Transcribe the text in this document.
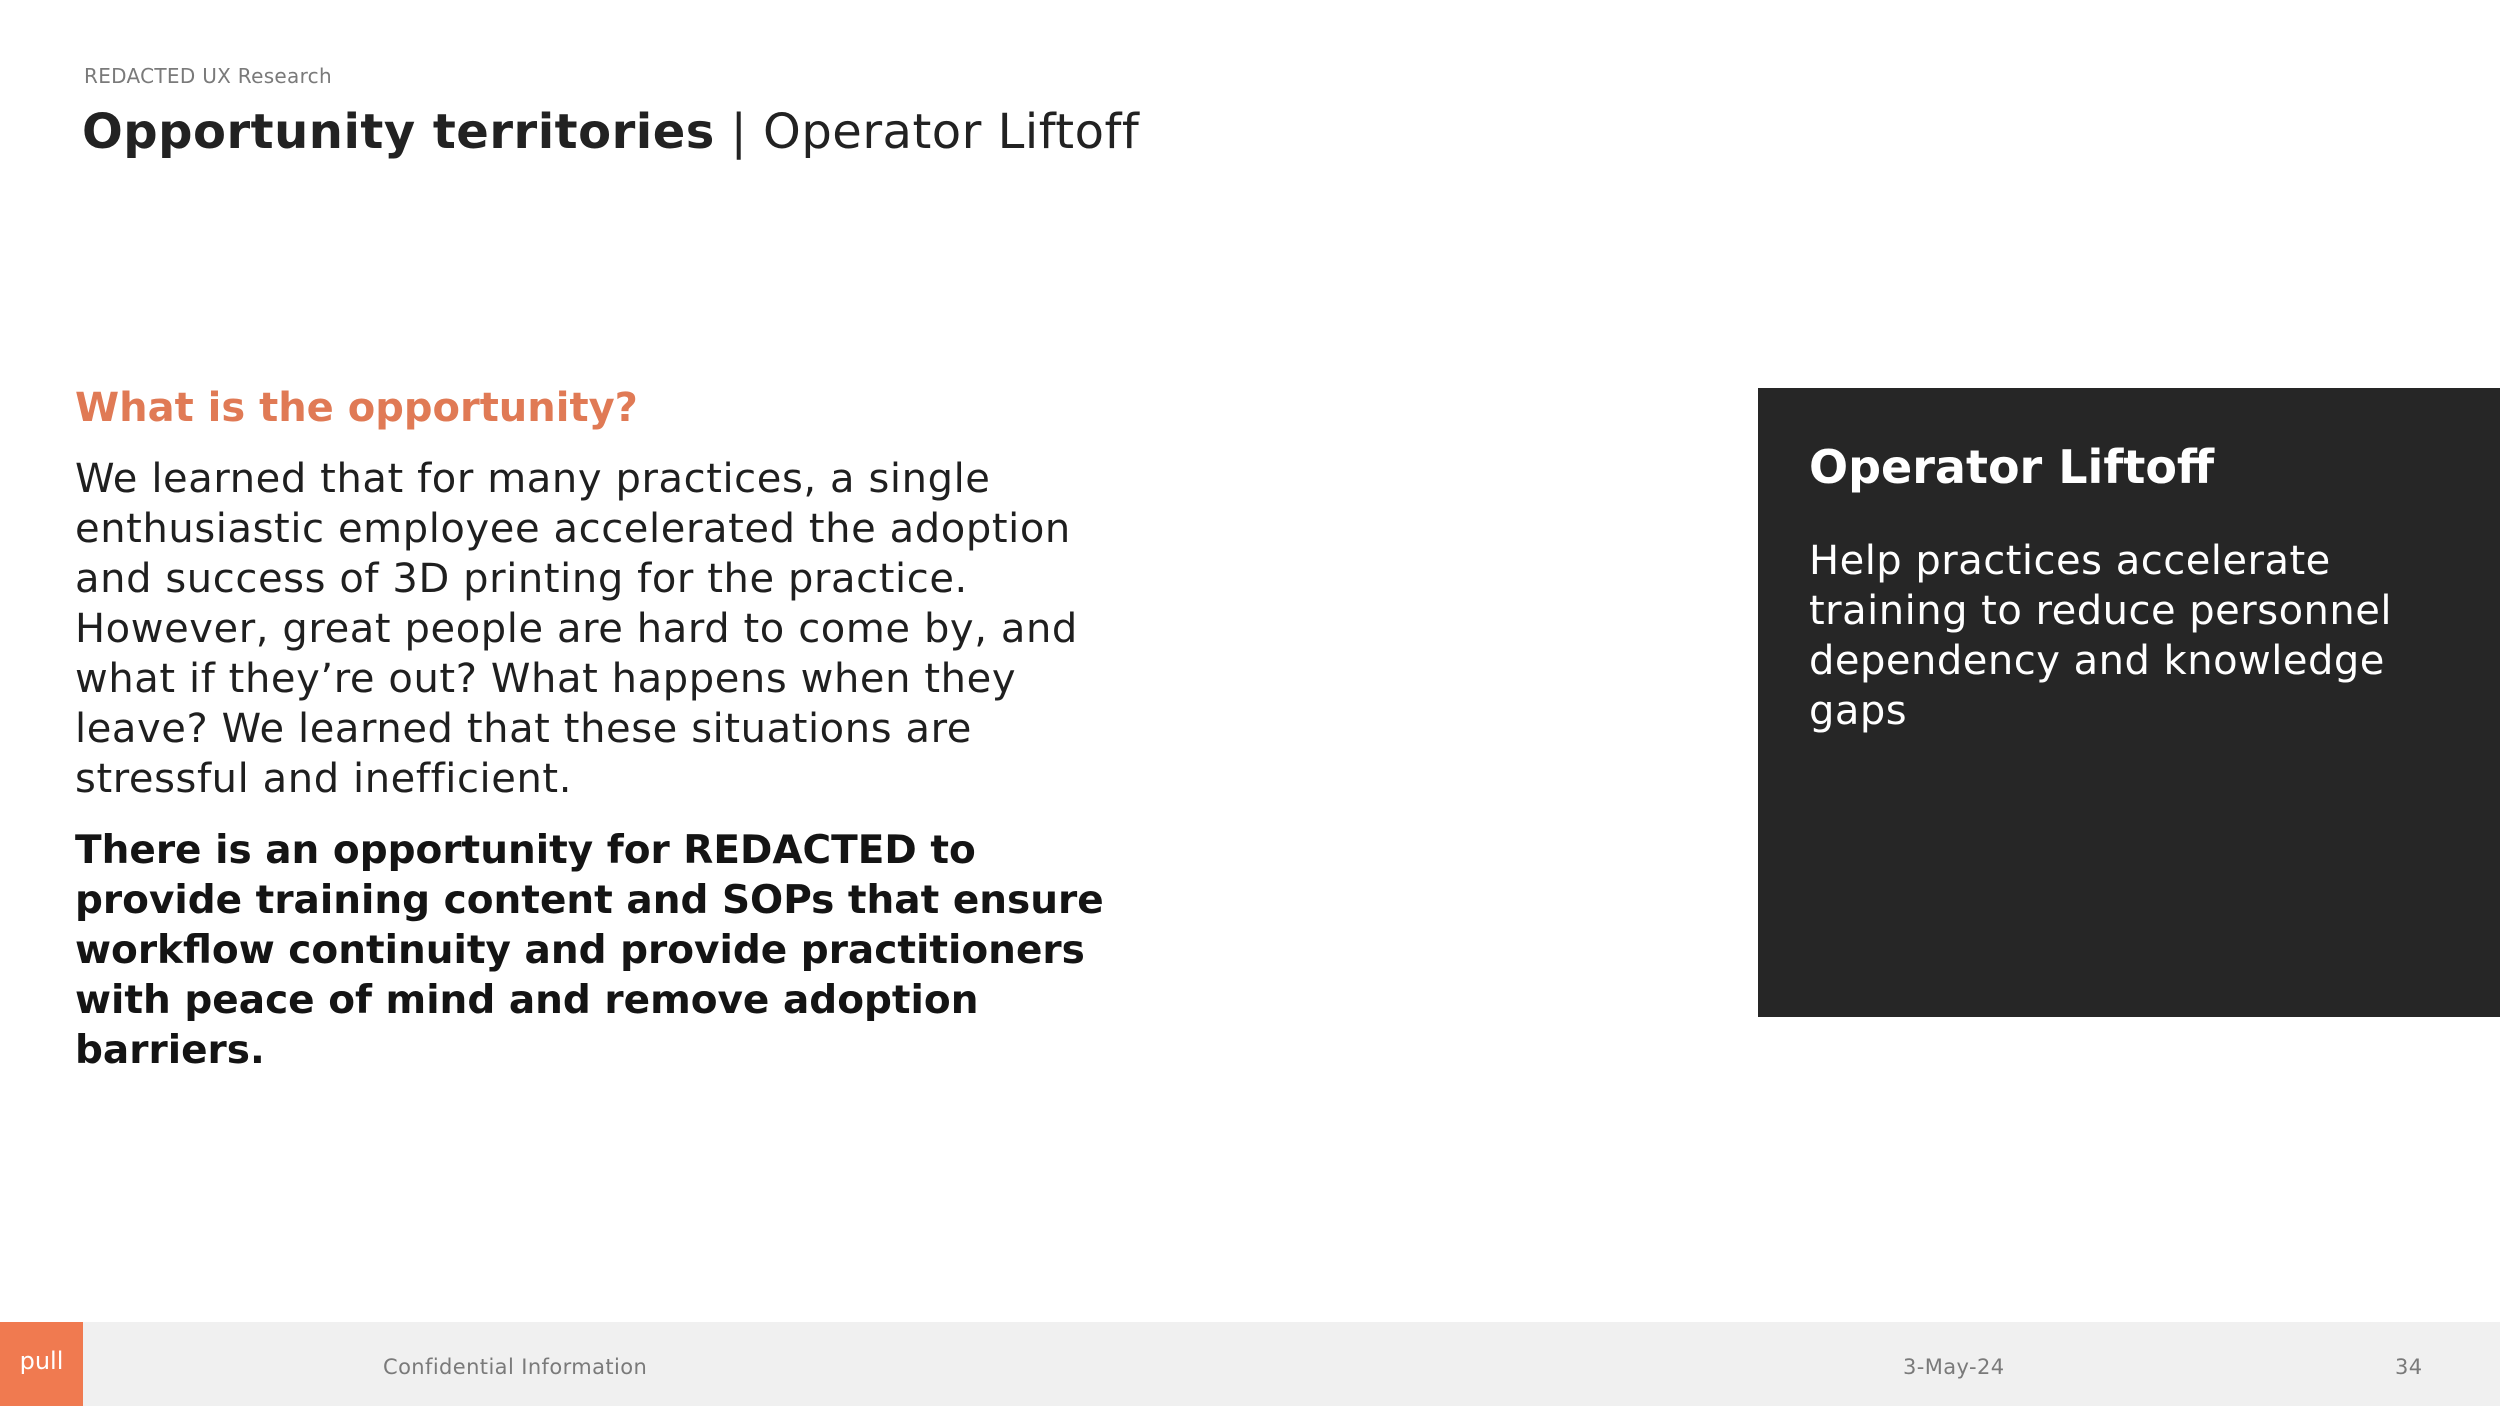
REDACTED UX Research
Opportunity territories | Operator Liftoff
What is the opportunity?

We learned that for many practices, a single enthusiastic employee accelerated the adoption and success of 3D printing for the practice. However, great people are hard to come by, and what if they’re out? What happens when they leave? We learned that these situations are stressful and inefficient.

There is an opportunity for REDACTED to provide training content and SOPs that ensure workflow continuity and provide practitioners with peace of mind and remove adoption barriers.

Operator Liftoff
Help practices accelerate training to reduce personnel dependency and knowledge gaps
pull	Confidential Information	3-May-24	34
